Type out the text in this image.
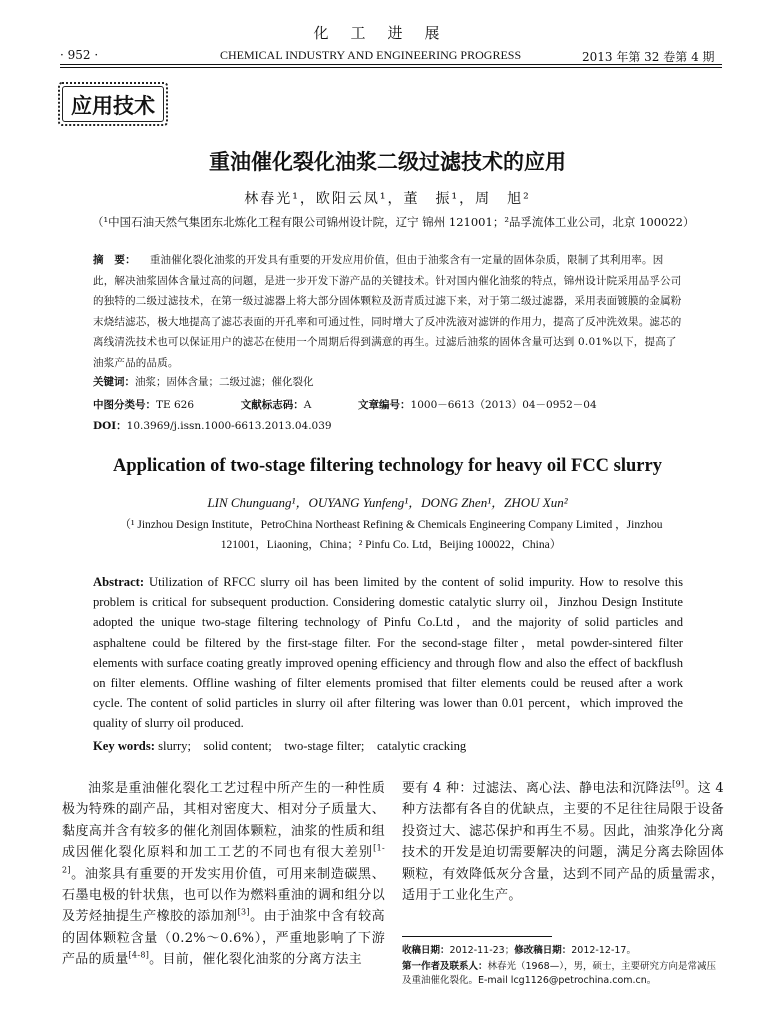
化工进展
· 952 ·	CHEMICAL INDUSTRY AND ENGINEERING PROGRESS	2013 年第 32 卷第 4 期
应用技术
重油催化裂化油浆二级过滤技术的应用
林春光¹，欧阳云凤¹，董　振¹，周　旭²
（¹中国石油天然气集团东北炼化工程有限公司锦州设计院，辽宁 锦州 121001；²品孚流体工业公司，北京 100022）
摘　要： 重油催化裂化油浆的开发具有重要的开发应用价值，但由于油浆含有一定量的固体杂质，限制了其利用率。因此，解决油浆固体含量过高的问题，是进一步开发下游产品的关键技术。针对国内催化油浆的特点，锦州设计院采用品孚公司的独特的二级过滤技术，在第一级过滤器上将大部分固体颗粒及沥青质过滤下来，对于第二级过滤器，采用表面镀膜的金属粉末烧结滤芯，极大地提高了滤芯表面的开孔率和可通过性，同时增大了反冲洗液对滤饼的作用力，提高了反冲洗效果。滤芯的离线清洗技术也可以保证用户的滤芯在使用一个周期后得到满意的再生。过滤后油浆的固体含量可达到 0.01%以下，提高了油浆产品的品质。
关键词：油浆；固体含量；二级过滤；催化裂化
中图分类号：TE 626	文献标志码：A	文章编号：1000－6613（2013）04－0952－04
DOI：10.3969/j.issn.1000-6613.2013.04.039
Application of two-stage filtering technology for heavy oil FCC slurry
LIN Chunguang¹，OUYANG Yunfeng¹，DONG Zhen¹，ZHOU Xun²
（¹ Jinzhou Design Institute，PetroChina Northeast Refining & Chemicals Engineering Company Limited ，Jinzhou
121001，Liaoning，China；² Pinfu Co. Ltd，Beijing 100022，China）
Abstract: Utilization of RFCC slurry oil has been limited by the content of solid impurity. How to resolve this problem is critical for subsequent production. Considering domestic catalytic slurry oil，Jinzhou Design Institute adopted the unique two-stage filtering technology of Pinfu Co.Ltd，and the majority of solid particles and asphaltene could be filtered by the first-stage filter. For the second-stage filter，metal powder-sintered filter elements with surface coating greatly improved opening efficiency and through flow and also the effect of backflush on filter elements. Offline washing of filter elements promised that filter elements could be reused after a work cycle. The content of solid particles in slurry oil after filtering was lower than 0.01 percent，which improved the quality of slurry oil produced.
Key words: slurry;　solid content;　two-stage filter;　catalytic cracking
油浆是重油催化裂化工艺过程中所产生的一种性质极为特殊的副产品，其相对密度大、相对分子质量大、黏度高并含有较多的催化剂固体颗粒，油浆的性质和组成因催化裂化原料和加工工艺的不同也有很大差别[1-2]。油浆具有重要的开发实用价值，可用来制造碳黑、石墨电极的针状焦，也可以作为燃料重油的调和组分以及芳烃抽提生产橡胶的添加剂[3]。由于油浆中含有较高的固体颗粒含量（0.2%～0.6%），严重地影响了下游产品的质量[4-8]。目前，催化裂化油浆的分离方法主
要有 4 种：过滤法、离心法、静电法和沉降法[9]。这 4 种方法都有各自的优缺点，主要的不足往往局限于设备投资过大、滤芯保护和再生不易。因此，油浆净化分离技术的开发是迫切需要解决的问题，满足分离去除固体颗粒，有效降低灰分含量，达到不同产品的质量需求，适用于工业化生产。
收稿日期：2012-11-23；修改稿日期：2012-12-17。
第一作者及联系人：林春光（1968—），男，硕士，主要研究方向是常减压及重油催化裂化。E-mail lcg1126@petrochina.com.cn。
